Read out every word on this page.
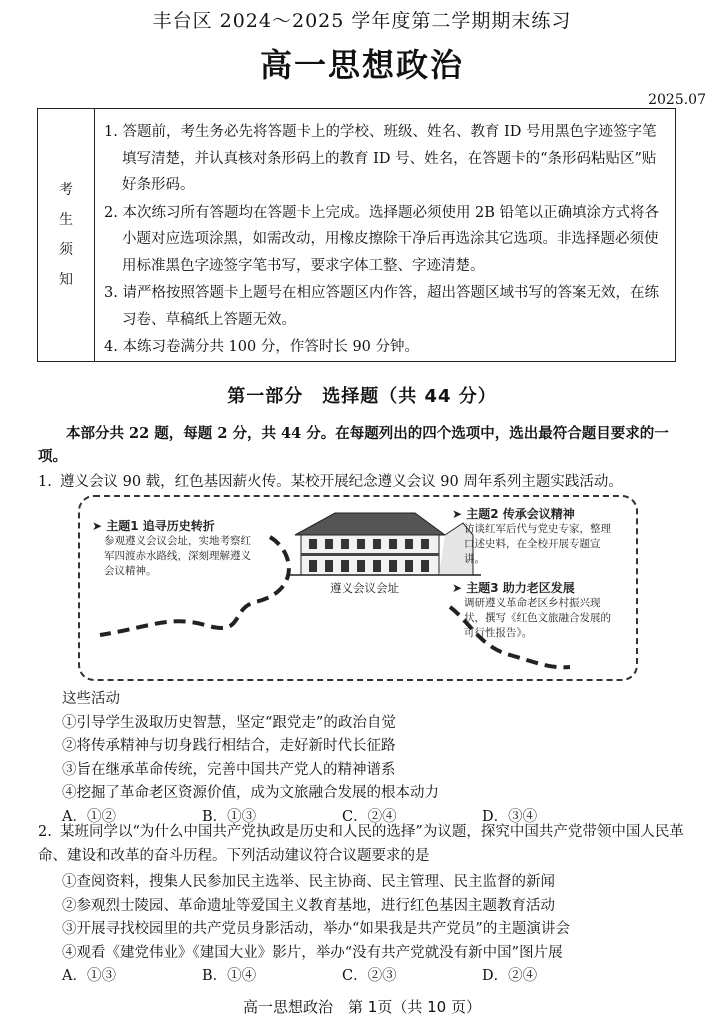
丰台区 2024～2025 学年度第二学期期末练习
高一思想政治
2025.07
考
生
须
知
1. 答题前，考生务必先将答题卡上的学校、班级、姓名、教育 ID 号用黑色字迹签字笔填写清楚，并认真核对条形码上的教育 ID 号、姓名，在答题卡的“条形码粘贴区”贴好条形码。
2. 本次练习所有答题均在答题卡上完成。选择题必须使用 2B 铅笔以正确填涂方式将各小题对应选项涂黑，如需改动，用橡皮擦除干净后再选涂其它选项。非选择题必须使用标准黑色字迹签字笔书写，要求字体工整、字迹清楚。
3. 请严格按照答题卡上题号在相应答题区内作答，超出答题区域书写的答案无效，在练习卷、草稿纸上答题无效。
4. 本练习卷满分共 100 分，作答时长 90 分钟。
第一部分　选择题（共 44 分）
本部分共 22 题，每题 2 分，共 44 分。在每题列出的四个选项中，选出最符合题目要求的一项。
1. 遵义会议 90 载，红色基因薪火传。某校开展纪念遵义会议 90 周年系列主题实践活动。
➤ 主题1 追寻历史转折
参观遵义会议会址，实地考察红军四渡赤水路线，深刻理解遵义会议精神。
遵义会议会址
➤ 主题2 传承会议精神
访谈红军后代与党史专家，整理口述史料，在全校开展专题宣讲。
➤ 主题3 助力老区发展
调研遵义革命老区乡村振兴现状，撰写《红色文旅融合发展的可行性报告》。
这些活动
①引导学生汲取历史智慧，坚定“跟党走”的政治自觉
②将传承精神与切身践行相结合，走好新时代长征路
③旨在继承革命传统，完善中国共产党人的精神谱系
④挖掘了革命老区资源价值，成为文旅融合发展的根本动力
A．①②	B．①③	C．②④	D．③④
2. 某班同学以“为什么中国共产党执政是历史和人民的选择”为议题，探究中国共产党带领中国人民革命、建设和改革的奋斗历程。下列活动建议符合议题要求的是
①查阅资料，搜集人民参加民主选举、民主协商、民主管理、民主监督的新闻
②参观烈士陵园、革命遗址等爱国主义教育基地，进行红色基因主题教育活动
③开展寻找校园里的共产党员身影活动，举办“如果我是共产党员”的主题演讲会
④观看《建党伟业》《建国大业》影片，举办“没有共产党就没有新中国”图片展
A．①③	B．①④	C．②③	D．②④
高一思想政治　第 1页（共 10 页）
